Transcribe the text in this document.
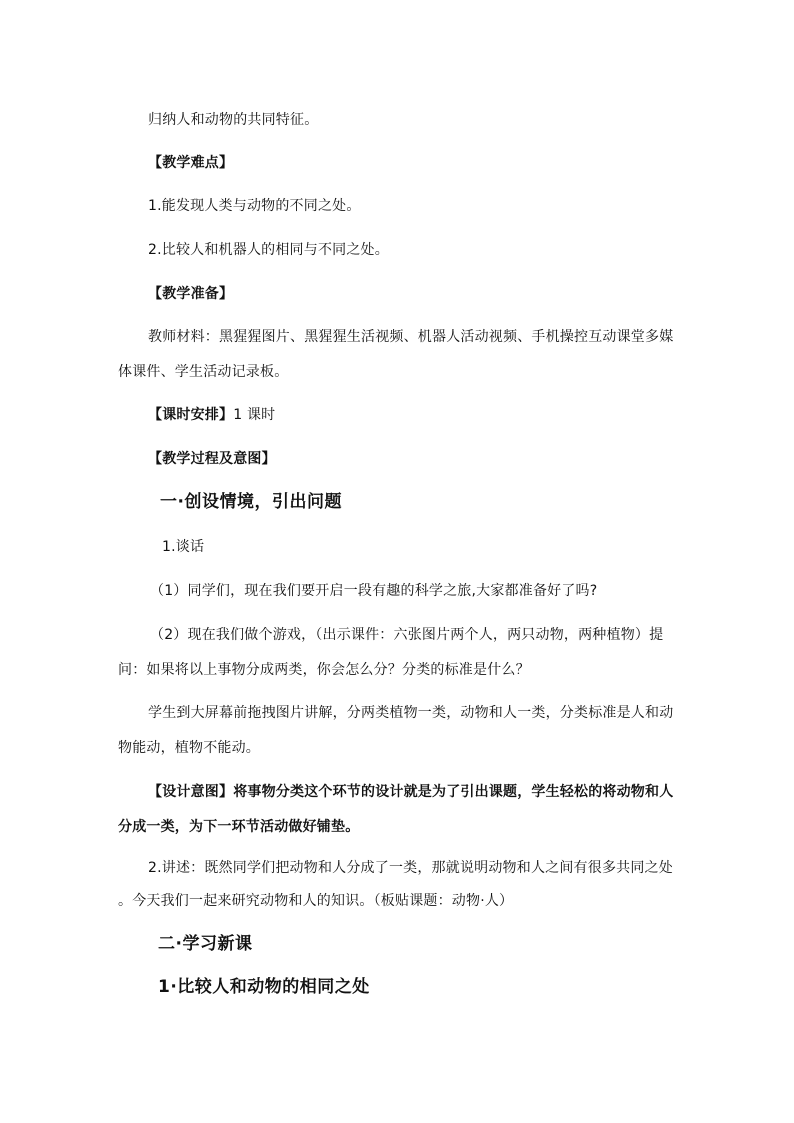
归纳人和动物的共同特征。
【教学难点】
1.能发现人类与动物的不同之处。
2.比较人和机器人的相同与不同之处。
【教学准备】
教师材料：黑猩猩图片、黑猩猩生活视频、机器人活动视频、手机操控互动课堂多媒
体课件、学生活动记录板。
【课时安排】1 课时
【教学过程及意图】
一·创设情境，引出问题
1.谈话
（1）同学们，现在我们要开启一段有趣的科学之旅,大家都准备好了吗?
（2）现在我们做个游戏，（出示课件：六张图片两个人，两只动物，两种植物）提
问：如果将以上事物分成两类，你会怎么分？分类的标准是什么？
学生到大屏幕前拖拽图片讲解，分两类植物一类，动物和人一类，分类标准是人和动
物能动，植物不能动。
【设计意图】将事物分类这个环节的设计就是为了引出课题，学生轻松的将动物和人
分成一类，为下一环节活动做好铺垫。
2.讲述：既然同学们把动物和人分成了一类，那就说明动物和人之间有很多共同之处
。今天我们一起来研究动物和人的知识。（板贴课题：动物·人）
二·学习新课
1·比较人和动物的相同之处
